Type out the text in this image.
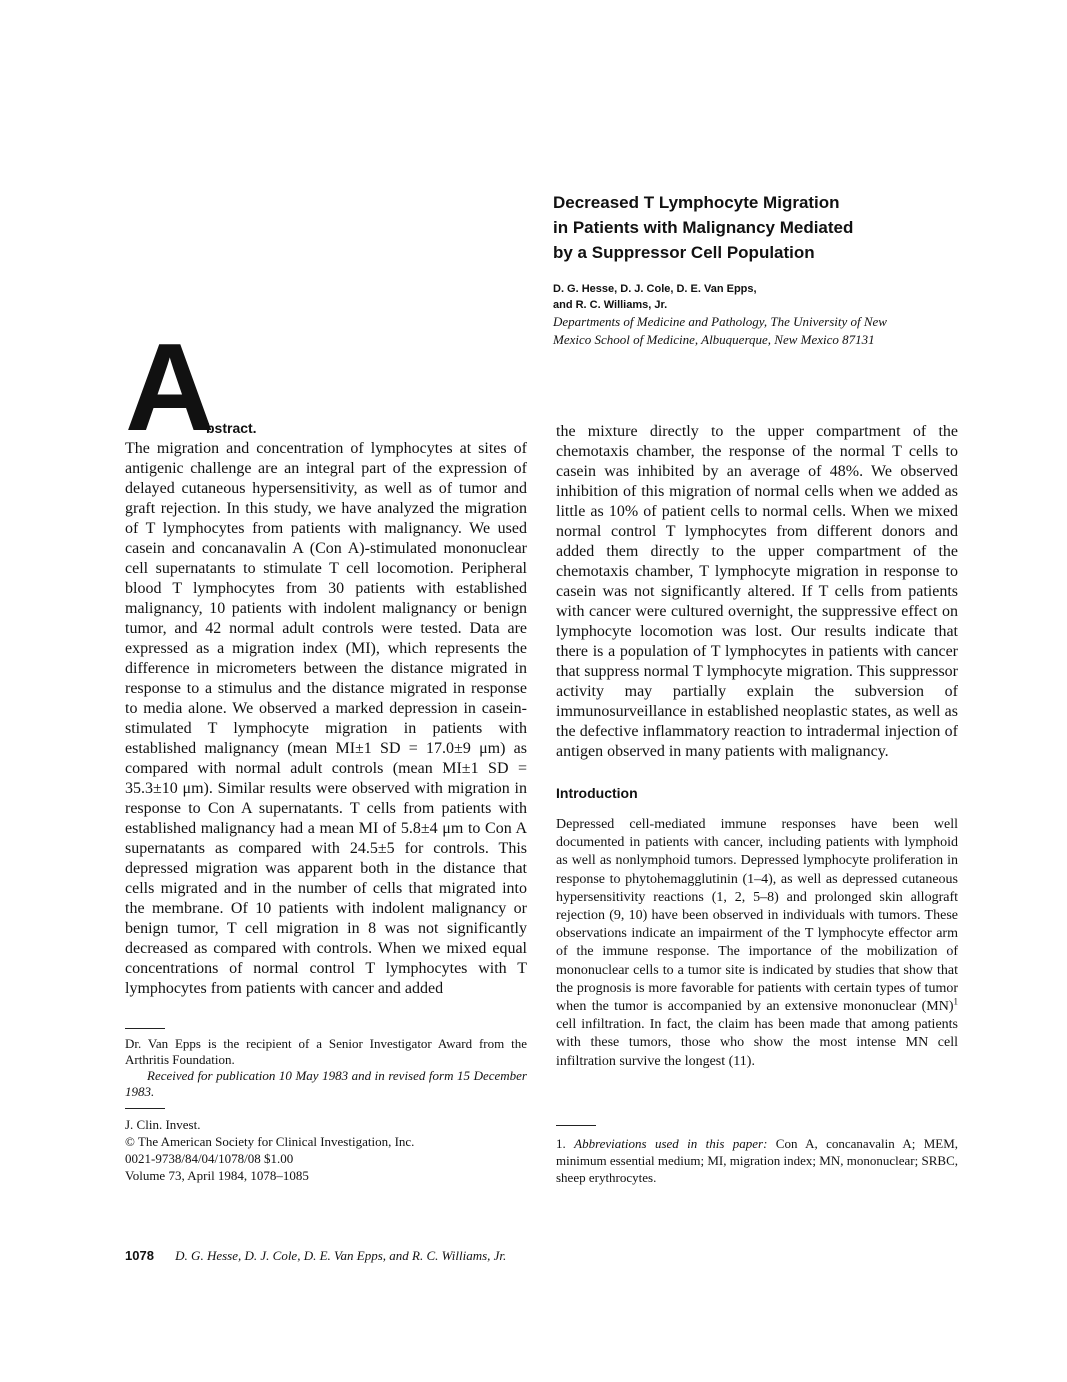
Decreased T Lymphocyte Migration
in Patients with Malignancy Mediated
by a Suppressor Cell Population
D. G. Hesse, D. J. Cole, D. E. Van Epps,
and R. C. Williams, Jr.
Departments of Medicine and Pathology, The University of New
Mexico School of Medicine, Albuquerque, New Mexico 87131
A

bstract.
The migration and concentration of lymphocytes at sites of antigenic challenge are an integral part of the expression of delayed cutaneous hypersensitivity, as well as of tumor and graft rejection. In this study, we have analyzed the migration of T lymphocytes from patients with malignancy. We used casein and concanavalin A (Con A)-stimulated mononuclear cell supernatants to stimulate T cell locomotion. Peripheral blood T lymphocytes from 30 patients with established malignancy, 10 patients with indolent malignancy or benign tumor, and 42 normal adult controls were tested. Data are expressed as a migration index (MI), which represents the difference in micrometers between the distance migrated in response to a stimulus and the distance migrated in response to media alone. We observed a marked depression in casein-stimulated T lymphocyte migration in patients with established malignancy (mean MI±1 SD = 17.0±9 μm) as compared with normal adult controls (mean MI±1 SD = 35.3±10 μm). Similar results were observed with migration in response to Con A supernatants. T cells from patients with established malignancy had a mean MI of 5.8±4 μm to Con A supernatants as compared with 24.5±5 for controls. This depressed migration was apparent both in the distance that cells migrated and in the number of cells that migrated into the membrane. Of 10 patients with indolent malignancy or benign tumor, T cell migration in 8 was not significantly decreased as compared with controls. When we mixed equal concentrations of normal control T lymphocytes with T lymphocytes from patients with cancer and added

Dr. Van Epps is the recipient of a Senior Investigator Award from the Arthritis Foundation.

Received for publication 10 May 1983 and in revised form 15 December 1983.

J. Clin. Invest.
© The American Society for Clinical Investigation, Inc.
0021-9738/84/04/1078/08 $1.00
Volume 73, April 1984, 1078–1085

the mixture directly to the upper compartment of the chemotaxis chamber, the response of the normal T cells to casein was inhibited by an average of 48%. We observed inhibition of this migration of normal cells when we added as little as 10% of patient cells to normal cells. When we mixed normal control T lymphocytes from different donors and added them directly to the upper compartment of the chemotaxis chamber, T lymphocyte migration in response to casein was not significantly altered. If T cells from patients with cancer were cultured overnight, the suppressive effect on lymphocyte locomotion was lost. Our results indicate that there is a population of T lymphocytes in patients with cancer that suppress normal T lymphocyte migration. This suppressor activity may partially explain the subversion of immunosurveillance in established neoplastic states, as well as the defective inflammatory reaction to intradermal injection of antigen observed in many patients with malignancy.

Introduction

Depressed cell-mediated immune responses have been well documented in patients with cancer, including patients with lymphoid as well as nonlymphoid tumors. Depressed lymphocyte proliferation in response to phytohemagglutinin (1–4), as well as depressed cutaneous hypersensitivity reactions (1, 2, 5–8) and prolonged skin allograft rejection (9, 10) have been observed in individuals with tumors. These observations indicate an impairment of the T lymphocyte effector arm of the immune response. The importance of the mobilization of mononuclear cells to a tumor site is indicated by studies that show that the prognosis is more favorable for patients with certain types of tumor when the tumor is accompanied by an extensive mononuclear (MN)$^1$ cell infiltration. In fact, the claim has been made that among patients with these tumors, those who show the most intense MN cell infiltration survive the longest (11).

1. Abbreviations used in this paper: Con A, concanavalin A; MEM, minimum essential medium; MI, migration index; MN, mononuclear; SRBC, sheep erythrocytes.
1078 D. G. Hesse, D. J. Cole, D. E. Van Epps, and R. C. Williams, Jr.
